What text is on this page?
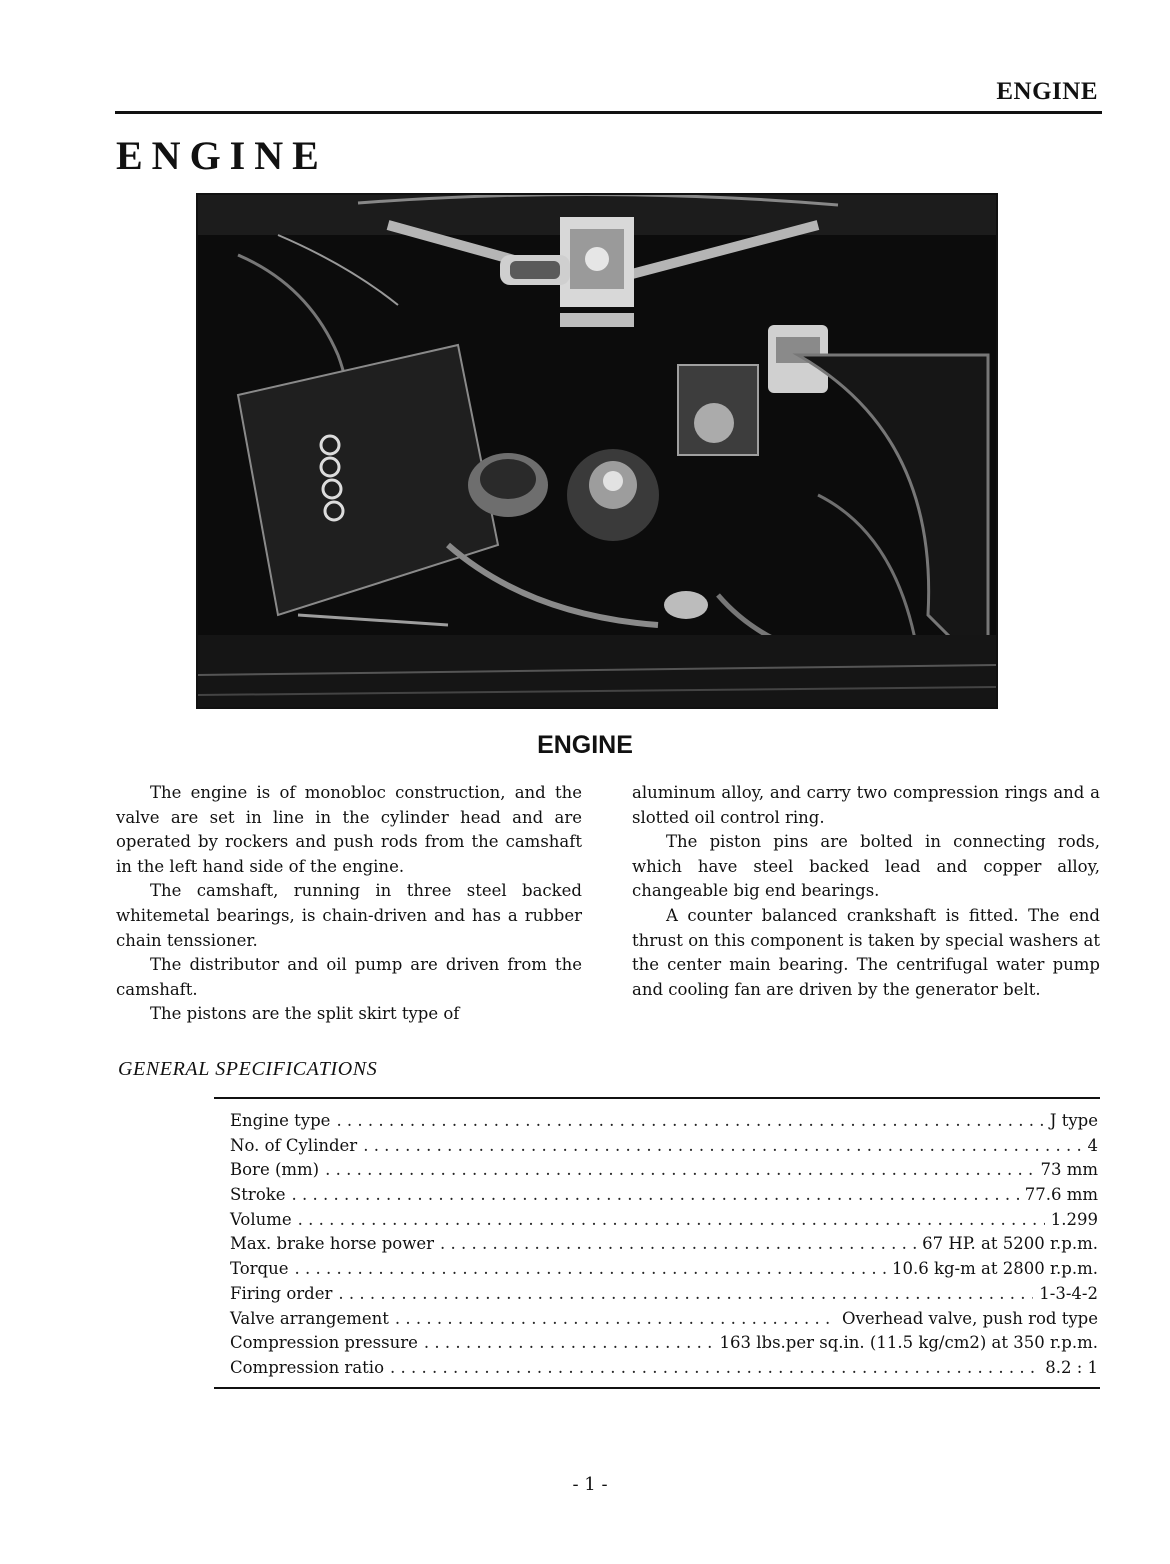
ENGINE
ENGINE
ENGINE

The engine is of monobloc construction, and the valve are set in line in the cylinder head and are operated by rockers and push rods from the camshaft in the left hand side of the engine.

The camshaft, running in three steel backed whitemetal bearings, is chain-driven and has a rubber chain tenssioner.

The distributor and oil pump are driven from the camshaft.

The pistons are the split skirt type of

aluminum alloy, and carry two compression rings and a slotted oil control ring.

The piston pins are bolted in connecting rods, which have steel backed lead and copper alloy, changeable big end bearings.

A counter balanced crankshaft is fitted. The end thrust on this component is taken by special washers at the center main bearing. The centrifugal water pump and cooling fan are driven by the generator belt.

GENERAL SPECIFICATIONS
Engine type . . .	J type
No. of Cylinder . . .	4
Bore (mm) . . .	73 mm
Stroke . . .	77.6 mm
Volume . . .	1.299
Max. brake horse power . . .	67 HP. at 5200 r.p.m.
Torque . . .	10.6 kg-m at 2800 r.p.m.
Firing order . . .	1-3-4-2
Valve arrangement . . .	Overhead valve, push rod type
Compression pressure . . .	163 lbs.per sq.in. (11.5 kg/cm2) at 350 r.p.m.
Compression ratio . . .	8.2 : 1
- 1 -
